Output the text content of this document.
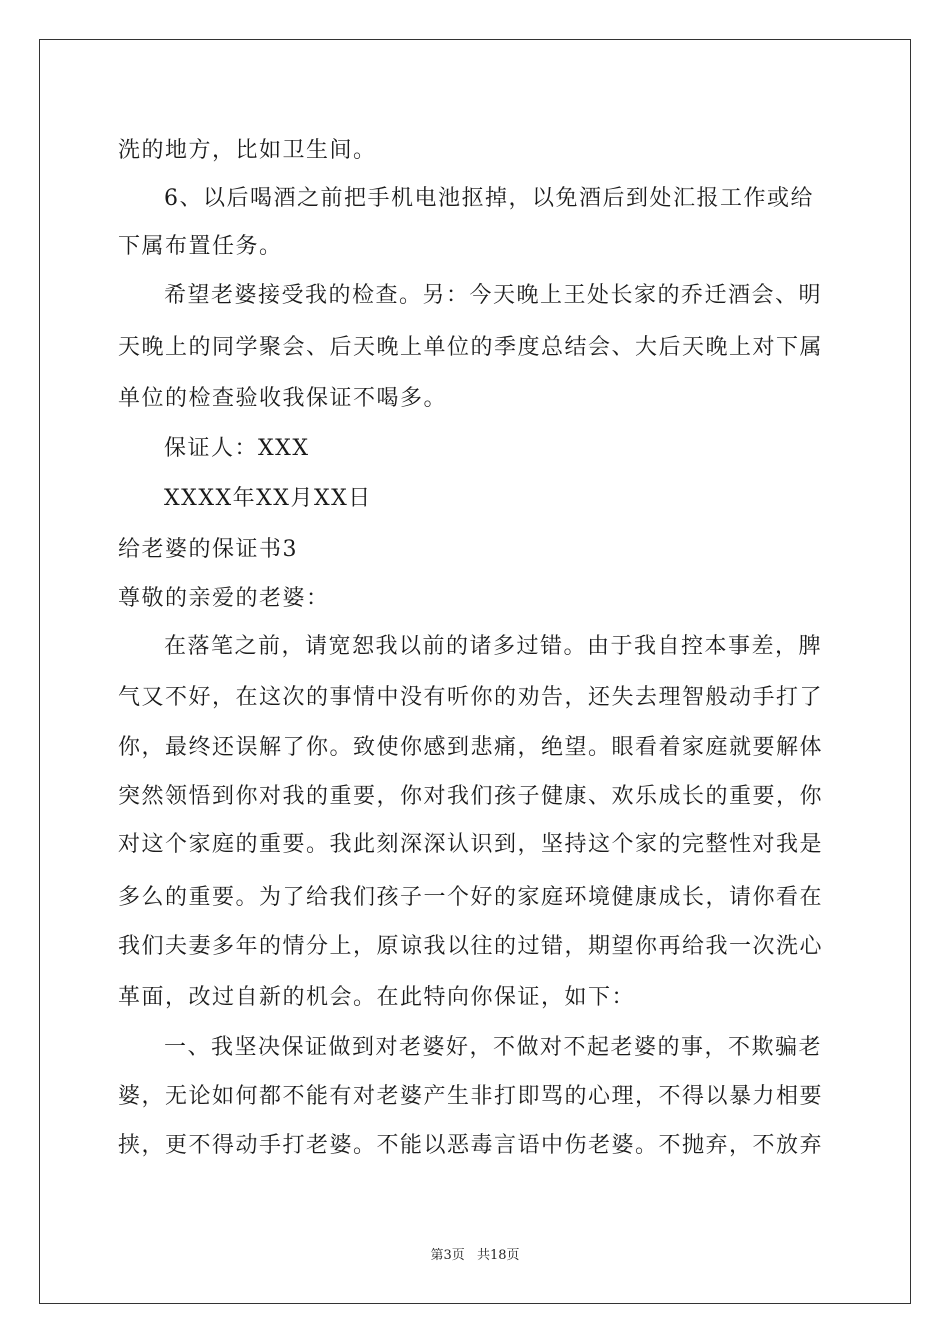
洗的地方，比如卫生间。
6、以后喝酒之前把手机电池抠掉，以免酒后到处汇报工作或给
下属布置任务。
希望老婆接受我的检查。另：今天晚上王处长家的乔迁酒会、明
天晚上的同学聚会、后天晚上单位的季度总结会、大后天晚上对下属
单位的检查验收我保证不喝多。
保证人：XXX
XXXX年XX月XX日
给老婆的保证书3
尊敬的亲爱的老婆：
在落笔之前，请宽恕我以前的诸多过错。由于我自控本事差，脾
气又不好，在这次的事情中没有听你的劝告，还失去理智般动手打了
你，最终还误解了你。致使你感到悲痛，绝望。眼看着家庭就要解体
突然领悟到你对我的重要，你对我们孩子健康、欢乐成长的重要，你
对这个家庭的重要。我此刻深深认识到，坚持这个家的完整性对我是
多么的重要。为了给我们孩子一个好的家庭环境健康成长，请你看在
我们夫妻多年的情分上，原谅我以往的过错，期望你再给我一次洗心
革面，改过自新的机会。在此特向你保证，如下：
一、我坚决保证做到对老婆好，不做对不起老婆的事，不欺骗老
婆，无论如何都不能有对老婆产生非打即骂的心理，不得以暴力相要
挟，更不得动手打老婆。不能以恶毒言语中伤老婆。不抛弃，不放弃
第3页 共18页
